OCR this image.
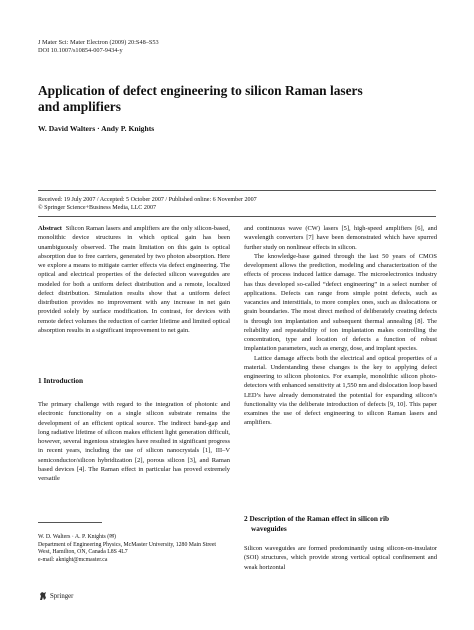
J Mater Sci: Mater Electron (2009) 20:S48–S53
DOI 10.1007/s10854-007-9434-y
Application of defect engineering to silicon Raman lasers
and amplifiers
W. David Walters · Andy P. Knights
Received: 19 July 2007 / Accepted: 5 October 2007 / Published online: 6 November 2007
© Springer Science+Business Media, LLC 2007

Abstract Silicon Raman lasers and amplifiers are the only silicon-based, monolithic device structures in which optical gain has been unambiguously observed. The main limitation on this gain is optical absorption due to free carriers, generated by two photon absorption. Here we explore a means to mitigate carrier effects via defect engineering. The optical and electrical properties of the defected silicon waveguides are modeled for both a uniform defect distribution and a remote, localized defect distribution. Simulation results show that a uniform defect distribution provides no improvement with any increase in net gain provided solely by surface modification. In contrast, for devices with remote defect volumes the reduction of carrier lifetime and limited optical absorption results in a significant improvement to net gain.

1 Introduction

The primary challenge with regard to the integration of photonic and electronic functionality on a single silicon substrate remains the development of an efficient optical source. The indirect band-gap and long radiative lifetime of silicon makes efficient light generation difficult, however, several ingenious strategies have resulted in significant progress in recent years, including the use of silicon nanocrystals [1], III–V semiconductor/silicon hybridization [2], porous silicon [3], and Raman based devices [4]. The Raman effect in particular has proved extremely versatile

W. D. Walters · A. P. Knights (✉)
Department of Engineering Physics, McMaster University, 1280 Main Street West, Hamilton, ON, Canada L8S 4L7
e-mail: aknight@mcmaster.ca
Springer

and continuous wave (CW) lasers [5], high-speed amplifiers [6], and wavelength converters [7] have been demonstrated which have spurred further study on nonlinear effects in silicon.

The knowledge-base gained through the last 50 years of CMOS development allows the prediction, modeling and characterization of the effects of process induced lattice damage. The microelectronics industry has thus developed so-called “defect engineering” in a select number of applications. Defects can range from simple point defects, such as vacancies and interstitials, to more complex ones, such as dislocations or grain boundaries. The most direct method of deliberately creating defects is through ion implantation and subsequent thermal annealing [8]. The reliability and repeatability of ion implantation makes controlling the concentration, type and location of defects a function of robust implantation parameters, such as energy, dose, and implant species.

Lattice damage affects both the electrical and optical properties of a material. Understanding these changes is the key to applying defect engineering to silicon photonics. For example, monolithic silicon photo-detectors with enhanced sensitivity at 1,550 nm and dislocation loop based LED’s have already demonstrated the potential for expanding silicon’s functionality via the deliberate introduction of defects [9, 10]. This paper examines the use of defect engineering to silicon Raman lasers and amplifiers.

2 Description of the Raman effect in silicon rib
waveguides

Silicon waveguides are formed predominantly using silicon-on-insulator (SOI) structures, which provide strong vertical optical confinement and weak horizontal
